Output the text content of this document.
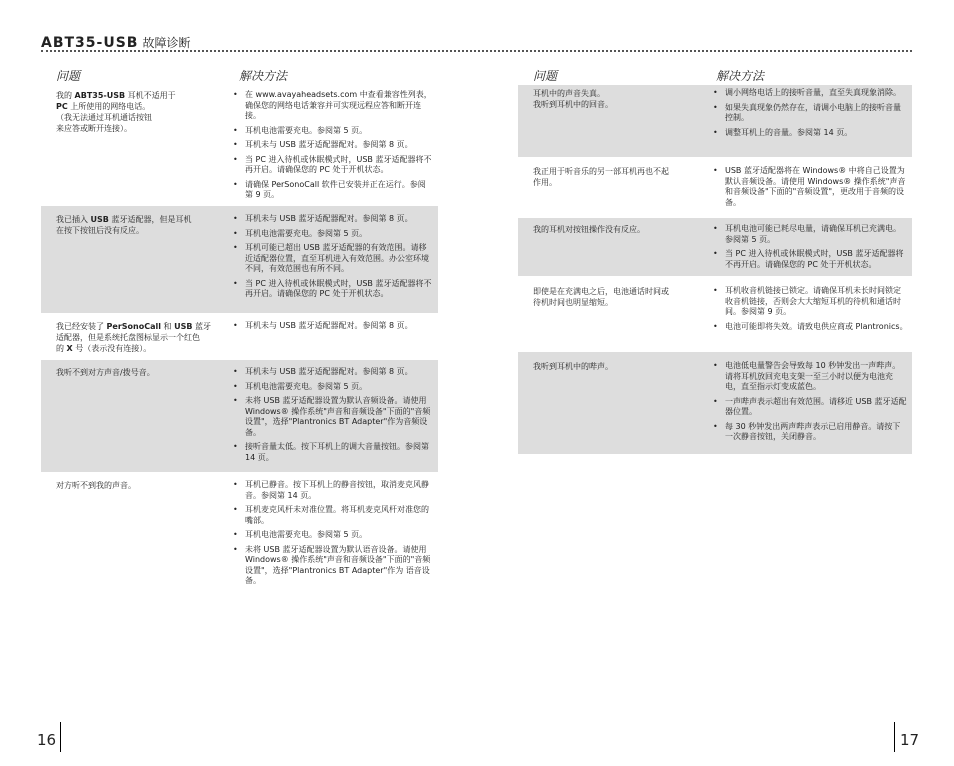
ABT35-USB 故障诊断
问题	解决方法
我的 ABT35-USB 耳机不适用于
PC 上所使用的网络电话。
（我无法通过耳机通话按钮
来应答或断开连接）。
• 在 www.avayaheadsets.com 中查看兼容性列表，确保您的网络电话兼容并可实现远程应答和断开连接。
• 耳机电池需要充电。参阅第 5 页。
• 耳机未与 USB 蓝牙适配器配对。参阅第 8 页。
• 当 PC 进入待机或休眠模式时，USB 蓝牙适配器将不再开启。请确保您的 PC 处于开机状态。
• 请确保 PerSonoCall 软件已安装并正在运行。参阅第 9 页。
我已插入 USB 蓝牙适配器，但是耳机
在按下按钮后没有反应。
• 耳机未与 USB 蓝牙适配器配对。参阅第 8 页。
• 耳机电池需要充电。参阅第 5 页。
• 耳机可能已超出 USB 蓝牙适配器的有效范围。请移近适配器位置，直至耳机进入有效范围。办公室环境不同，有效范围也有所不同。
• 当 PC 进入待机或休眠模式时，USB 蓝牙适配器将不再开启。请确保您的 PC 处于开机状态。
我已经安装了 PerSonoCall 和 USB 蓝牙
适配器，但是系统托盘图标显示一个红色
的 X 号（表示没有连接）。
• 耳机未与 USB 蓝牙适配器配对。参阅第 8 页。
我听不到对方声音/拨号音。	• 耳机未与 USB 蓝牙适配器配对。参阅第 8 页。
• 耳机电池需要充电。参阅第 5 页。
• 未将 USB 蓝牙适配器设置为默认音频设备。请使用 Windows® 操作系统"声音和音频设备"下面的"音频设置"，选择"Plantronics BT Adapter"作为音频设备。
• 接听音量太低。按下耳机上的调大音量按钮。参阅第 14 页。
对方听不到我的声音。	• 耳机已静音。按下耳机上的静音按钮，取消麦克风静音。参阅第 14 页。
• 耳机麦克风杆未对准位置。将耳机麦克风杆对准您的嘴部。
• 耳机电池需要充电。参阅第 5 页。
• 未将 USB 蓝牙适配器设置为默认语音设备。请使用 Windows® 操作系统"声音和音频设备"下面的"音频设置"，选择"Plantronics BT Adapter"作为 语音设备。
16
问题	解决方法
耳机中的声音失真。
我听到耳机中的回音。
• 调小网络电话上的接听音量，直至失真现象消除。
• 如果失真现象仍然存在，请调小电脑上的接听音量控制。
• 调整耳机上的音量。参阅第 14 页。
我正用于听音乐的另一部耳机再也不起
作用。
• USB 蓝牙适配器将在 Windows® 中将自己设置为默认音频设备。请使用 Windows® 操作系统"声音和音频设备"下面的"音频设置"，更改用于音频的设备。
我的耳机对按钮操作没有反应。	• 耳机电池可能已耗尽电量，请确保耳机已充满电。参阅第 5 页。
• 当 PC 进入待机或休眠模式时，USB 蓝牙适配器将不再开启。请确保您的 PC 处于开机状态。
即使是在充满电之后，电池通话时间或
待机时间也明显缩短。
• 耳机收音机链接已锁定。请确保耳机未长时间锁定收音机链接，否则会大大缩短耳机的待机和通话时间。参阅第 9 页。
• 电池可能即将失效。请致电供应商或 Plantronics。
我听到耳机中的哔声。	• 电池低电量警告会导致每 10 秒钟发出一声哔声。请将耳机放回充电支架一至三小时以便为电池充电，直至指示灯变成蓝色。
• 一声哔声表示超出有效范围。请移近 USB 蓝牙适配器位置。
• 每 30 秒钟发出两声哔声表示已启用静音。请按下一次静音按钮，关闭静音。
17
